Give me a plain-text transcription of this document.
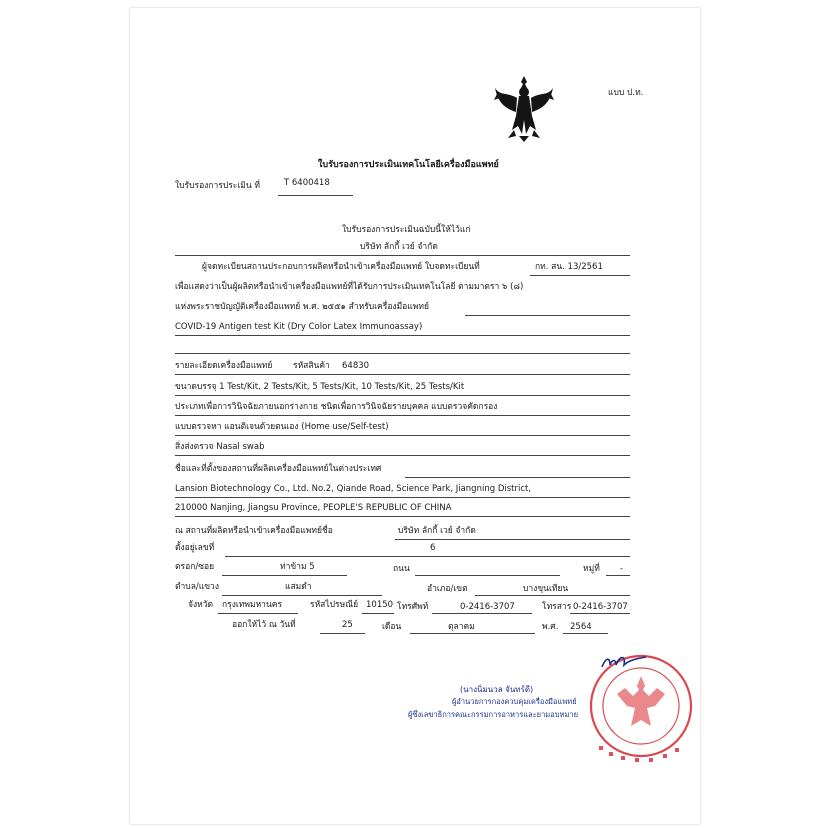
แบบ ป.ท.
ใบรับรองการประเมินเทคโนโลยีเครื่องมือแพทย์
ใบรับรองการประเมิน ที่	T 6400418
ใบรับรองการประเมินฉบับนี้ให้ไว้แก่
บริษัท ลักกี้ เวย์ จำกัด
ผู้จดทะเบียนสถานประกอบการผลิตหรือนำเข้าเครื่องมือแพทย์ ใบจดทะเบียนที่	กท. สน. 13/2561
เพื่อแสดงว่าเป็นผู้ผลิตหรือนำเข้าเครื่องมือแพทย์ที่ได้รับการประเมินเทคโนโลยี ตามมาตรา ๖ (๘)
แห่งพระราชบัญญัติเครื่องมือแพทย์ พ.ศ. ๒๕๕๑ สำหรับเครื่องมือแพทย์
COVID-19 Antigen test Kit (Dry Color Latex Immunoassay)
รายละเอียดเครื่องมือแพทย์ รหัสสินค้า 64830
ขนาดบรรจุ 1 Test/Kit, 2 Tests/Kit, 5 Tests/Kit, 10 Tests/Kit, 25 Tests/Kit
ประเภทเพื่อการวินิจฉัยภายนอกร่างกาย ชนิดเพื่อการวินิจฉัยรายบุคคล แบบตรวจคัดกรอง
แบบตรวจหา แอนติเจนด้วยตนเอง (Home use/Self-test)
สิ่งส่งตรวจ Nasal swab
ชื่อและที่ตั้งของสถานที่ผลิตเครื่องมือแพทย์ในต่างประเทศ
Lansion Biotechnology Co., Ltd. No.2, Qiande Road, Science Park, Jiangning District,
210000 Nanjing, Jiangsu Province, PEOPLE'S REPUBLIC OF CHINA
ณ สถานที่ผลิตหรือนำเข้าเครื่องมือแพทย์ชื่อ	บริษัท ลักกี้ เวย์ จำกัด
ตั้งอยู่เลขที่	6
ตรอก/ซอย	ท่าข้าม 5	ถนน	หมู่ที่ -
ตำบล/แขวง	แสมดำ	อำเภอ/เขต	บางขุนเทียน
จังหวัด กรุงเทพมหานคร	รหัสไปรษณีย์ 10150 โทรศัพท์	0-2416-3707	โทรสาร 0-2416-3707
ออกให้ไว้ ณ วันที่	25	เดือน	ตุลาคม	พ.ศ. 2564
(นางนิ่มนวล จันทร์ดี)
ผู้อำนวยการกองควบคุมเครื่องมือแพทย์
ผู้ซึ่งเลขาธิการคณะกรรมการอาหารและยามอบหมาย
